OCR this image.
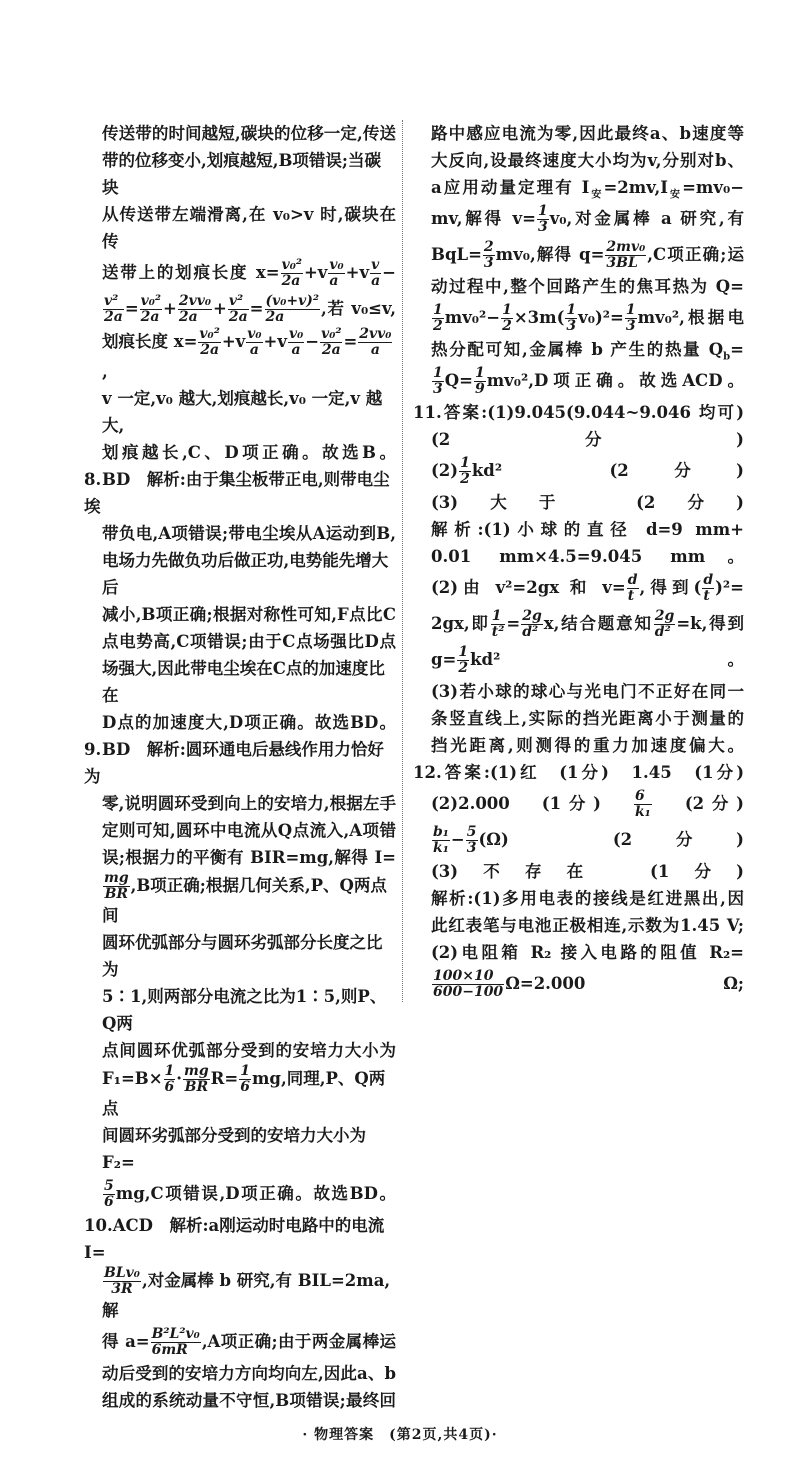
传送带的时间越短,碳块的位移一定,传送
带的位移变小,划痕越短,B项错误;当碳块
从传送带左端滑离,在 v₀>v 时,碳块在传
送带上的划痕长度 $x= \frac{\text{v₀²}}{2a} +v \frac{\text{v₀}}{a} +v \frac{v}{a}$ −
$\frac{\text{v²}}{2a} = \frac{\text{v₀²}}{2a} + \frac{\text{2vv₀}}{2a} + \frac{\text{v²}}{2a} = \frac{\text{(v₀+v)²}}{2a}$ ,若 v₀≤v,
划痕长度 $x= \frac{\text{v₀²}}{2a} +v \frac{\text{v₀}}{a} +v \frac{\text{v₀}}{a} - \frac{\text{v₀²}}{2a} = \frac{\text{2vv₀}}{a}$
,
v 一定,v₀ 越大,划痕越长,v₀ 一定,v 越大,
划痕越长,C、D项正确。故选B。
8.BD　解析:由于集尘板带正电,则带电尘埃
带负电,A项错误;带电尘埃从A运动到B,
电场力先做负功后做正功,电势能先增大后
减小,B项正确;根据对称性可知,F点比C
点电势高,C项错误;由于C点场强比D点
场强大,因此带电尘埃在C点的加速度比在
D点的加速度大,D项正确。故选BD。
9.BD　解析:圆环通电后悬线作用力恰好为
零,说明圆环受到向上的安培力,根据左手
定则可知,圆环中电流从Q点流入,A项错
误;根据力的平衡有 BIR=mg,解得 I=
$\frac{mg}{BR} ,B$项正确;根据几何关系,P、Q两点间
圆环优弧部分与圆环劣弧部分长度之比为
5∶1,则两部分电流之比为1∶5,则P、Q两
点间圆环优弧部分受到的安培力大小为
$F_1=B\times \frac{1}{6} \cdot \frac{mg}{BR} R= \frac{1}{6}$ mg,同理,P、Q两点
间圆环劣弧部分受到的安培力大小为 F₂=
$\frac{5}{6} mg,C$项错误,D项正确。故选BD。
10.ACD　解析:a刚运动时电路中的电流 I=
$\frac{\text{BLv₀}}{3R}$ ,对金属棒 b 研究,有 BIL=2ma,解
得 $a= \frac{\text{B²L²v₀}}{6mR} ,A$项正确;由于两金属棒运
动后受到的安培力方向均向左,因此a、b
组成的系统动量不守恒,B项错误;最终回
路中感应电流为零,因此最终a、b速度等
大反向,设最终速度大小均为v,分别对b、
a应用动量定理有 $I_安=2mv,I_安=mv_0-$
mv,解得 $v= \frac{1}{3} v_0$,对金属棒 a 研究,有
$BqL= \frac{2}{3} mv_0$,解得 $q= \frac{\text{2mv₀}}{3BL} ,C$项正确;运
动过程中,整个回路产生的焦耳热为 Q=
$\frac{1}{2} mv_0^2- \frac{1}{2} \times 3m( \frac{1}{3} v_0)^2= \frac{1}{3} mv_0^2$,根据电
热分配可知,金属棒 b 产生的热量 $Q_b=$
$\frac{1}{3} Q= \frac{1}{9} mv_0^2,D$项正确。故选ACD。
11.答案:(1)9.045(9.044~9.046 均可)
(2分)
$(2) \frac{1}{2} kd^2$　(2分)
(3)大于　(2分)
解析:(1)小球的直径 d=9 mm+
0.01 mm×4.5=9.045 mm。
(2)由 v²=2gx 和 $v= \frac{d}{t}$ ,得到( $\frac{d}{t} )^2=$
2gx,即 $\frac{1}{\text{t²}} = \frac{2g}{\text{d²}} x$,结合题意知 $\frac{2g}{\text{d²}} =k$,得到
$g= \frac{1}{2} kd^2$。
(3)若小球的球心与光电门不正好在同一
条竖直线上,实际的挡光距离小于测量的
挡光距离,则测得的重力加速度偏大。
12.答案:(1)红　(1分)　1.45　(1分)
(2)2.000　(1分)　 $\frac{6}{\text{k₁}}$ 　(2分)
$\frac{\text{b₁}}{\text{k₁}} - \frac{5}{3} (\Omega)$　(2分)
(3)不存在　(1分)
解析:(1)多用电表的接线是红进黑出,因
此红表笔与电池正极相连,示数为1.45 V;
(2)电阻箱 R₂ 接入电路的阻值 R₂=
$\frac{100\times 10}{600-100} \Omega=2.000$ Ω;
· 物理答案　(第2页,共4页)·
